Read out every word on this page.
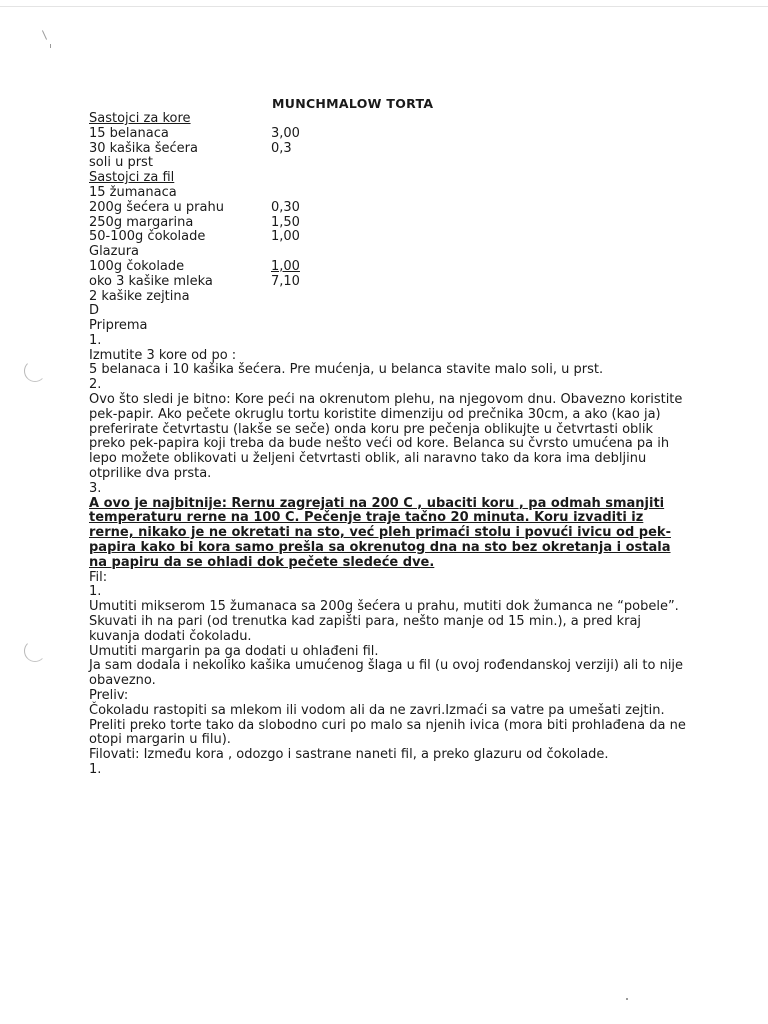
MUNCHMALOW TORTA
Sastojci za kore
15 belanaca	3,00
30 kašika šećera	0,3
soli u prst
Sastojci za fil
15 žumanaca
200g šećera u prahu	0,30
250g margarina	1,50
50-100g čokolade	1,00
Glazura
100g čokolade	1,00
oko 3 kašike mleka	7,10
2 kašike zejtina
D

Priprema

1.

Izmutite 3 kore od po :

5 belanaca i 10 kašika šećera. Pre mućenja, u belanca stavite malo soli, u prst.

2.

Ovo što sledi je bitno: Kore peći na okrenutom plehu, na njegovom dnu. Obavezno koristite pek-papir. Ako pečete okruglu tortu koristite dimenziju od prečnika 30cm, a ako (kao ja) preferirate četvrtastu (lakše se seče) onda koru pre pečenja oblikujte u četvrtasti oblik preko pek-papira koji treba da bude nešto veći od kore. Belanca su čvrsto umućena pa ih lepo možete oblikovati u željeni četvrtasti oblik, ali naravno tako da kora ima debljinu otprilike dva prsta.

3.

A ovo je najbitnije: Rernu zagrejati na 200 C , ubaciti koru , pa odmah smanjiti temperaturu rerne na 100 C. Pečenje traje tačno 20 minuta. Koru izvaditi iz rerne, nikako je ne okretati na sto, već pleh primaći stolu i povući ivicu od pek-papira kako bi kora samo prešla sa okrenutog dna na sto bez okretanja i ostala na papiru da se ohladi dok pečete sledeće dve.

Fil:

1.

Umutiti mikserom 15 žumanaca sa 200g šećera u prahu, mutiti dok žumanca ne “pobele”. Skuvati ih na pari (od trenutka kad zapišti para, nešto manje od 15 min.), a pred kraj kuvanja dodati čokoladu.

Umutiti margarin pa ga dodati u ohlađeni fil.

Ja sam dodala i nekoliko kašika umućenog šlaga u fil (u ovoj rođendanskoj verziji) ali to nije obavezno.

Preliv:

Čokoladu rastopiti sa mlekom ili vodom ali da ne zavri.Izmaći sa vatre pa umešati zejtin. Preliti preko torte tako da slobodno curi po malo sa njenih ivica (mora biti prohlađena da ne otopi margarin u filu).

Filovati: Između kora , odozgo i sastrane naneti fil, a preko glazuru od čokolade.

1.
